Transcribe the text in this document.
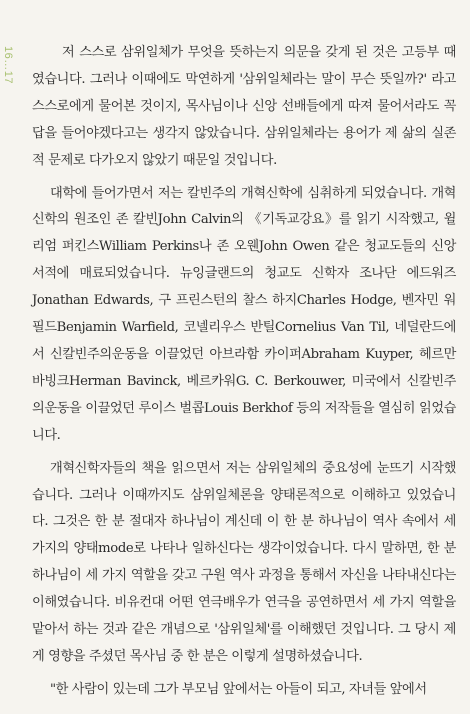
16…17	저 스스로 삼위일체가 무엇을 뜻하는지 의문을 갖게 된 것은 고등부 때였습니다. 그러나 이때에도 막연하게 '삼위일체라는 말이 무슨 뜻일까?' 라고 스스로에게 물어본 것이지, 목사님이나 신앙 선배들에게 따져 물어서라도 꼭 답을 들어야겠다고는 생각지 않았습니다. 삼위일체라는 용어가 제 삶의 실존적 문제로 다가오지 않았기 때문일 것입니다.

대학에 들어가면서 저는 칼빈주의 개혁신학에 심취하게 되었습니다. 개혁신학의 원조인 존 칼빈John Calvin의 《기독교강요》를 읽기 시작했고, 윌리엄 퍼킨스William Perkins나 존 오웬John Owen 같은 청교도들의 신앙서적에 매료되었습니다. 뉴잉글랜드의 청교도 신학자 조나단 에드워즈Jonathan Edwards, 구 프린스턴의 찰스 하지Charles Hodge, 벤자민 워필드Benjamin Warfield, 코넬리우스 반틸Cornelius Van Til, 네덜란드에서 신칼빈주의운동을 이끌었던 아브라함 카이퍼Abraham Kuyper, 헤르만 바빙크Herman Bavinck, 베르카워G. C. Berkouwer, 미국에서 신칼빈주의운동을 이끌었던 루이스 벌콥Louis Berkhof 등의 저작들을 열심히 읽었습니다.

개혁신학자들의 책을 읽으면서 저는 삼위일체의 중요성에 눈뜨기 시작했습니다. 그러나 이때까지도 삼위일체론을 양태론적으로 이해하고 있었습니다. 그것은 한 분 절대자 하나님이 계신데 이 한 분 하나님이 역사 속에서 세 가지의 양태mode로 나타나 일하신다는 생각이었습니다. 다시 말하면, 한 분 하나님이 세 가지 역할을 갖고 구원 역사 과정을 통해서 자신을 나타내신다는 이해였습니다. 비유컨대 어떤 연극배우가 연극을 공연하면서 세 가지 역할을 맡아서 하는 것과 같은 개념으로 '삼위일체'를 이해했던 것입니다. 그 당시 제게 영향을 주셨던 목사님 중 한 분은 이렇게 설명하셨습니다.

"한 사람이 있는데 그가 부모님 앞에서는 아들이 되고, 자녀들 앞에서
